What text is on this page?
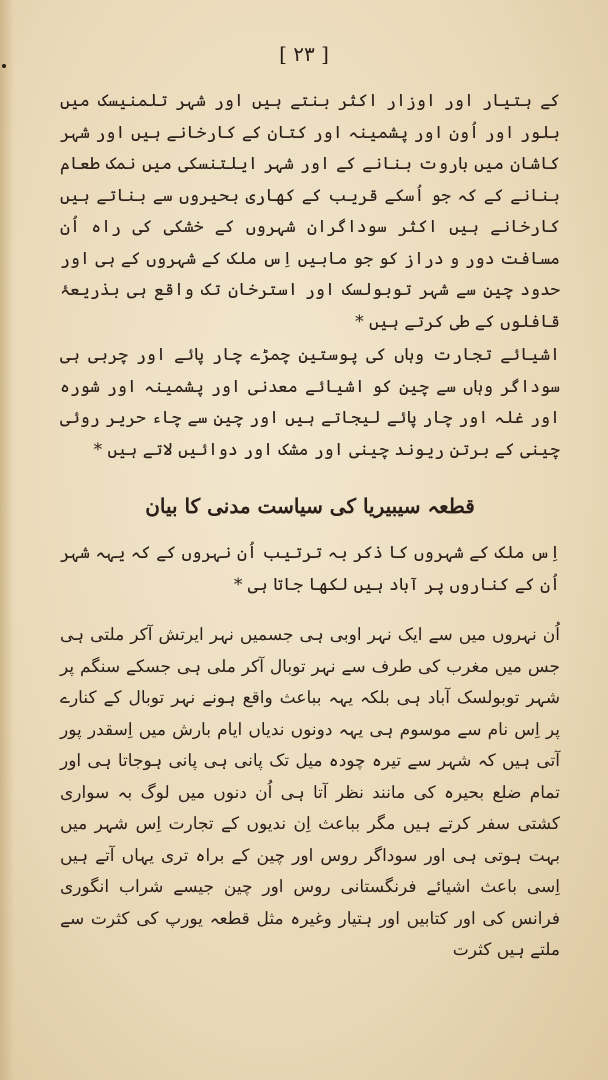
[ ٢٣ ]

کے ہتیار اور اوزار اکثر بنتے ہیں اور شہر تلمنیسک میں بلور اور اُون اور پشمینہ اور کتان کے کارخانے ہیں اور شہر کاشان میں باروت بنانے کے اور شہر ایلتنسکی میں نمک طعام بنانے کے کہ جو اُسکے قریب کے کھاری بحیروں سے بناتے ہیں کارخانے ہیں اکثر سوداگران شہروں کے خشکی کی راہ اُن مسافت دور و دراز کو جو مابیں اِس ملک کے شہروں کے ہی اور حدود چین سے شہر توبولسک اور استرخان تک واقع ہی بذریعۂ قافلوں کے طی کرتے ہیں *

اشیائے تجارت وہاں کی پوستین چمڑے چار پائے اور چربی ہی سوداگر وہاں سے چین کو اشیائے معدنی اور پشمینہ اور شورہ اور غلہ اور چار پائے لیجاتے ہیں اور چین سے چاء حریر روئی چینی کے برتن ریوند چینی اور مشک اور دوائیں لاتے ہیں *

قطعہ سیبیریا کی سیاست مدنی کا بیان

اِس ملک کے شہروں کا ذکر بہ ترتیب اُن نہروں کے کہ یہہ شہر اُن کے کناروں پر آباد ہیں لکھا جاتا ہی *

اُن نہروں میں سے ایک نہر اوبی ہی جسمیں نہر ایرتش آکر ملتی ہی جس میں مغرب کی طرف سے نہر توبال آکر ملی ہی جسکے سنگم پر شہر توبولسک آباد ہی بلکہ یہہ بباعث واقع ہونے نہر توبال کے کنارے پر اِس نام سے موسوم ہی یہہ دونوں ندیاں ایام بارش میں اِسقدر پور آتی ہیں کہ شہر سے تیرہ چودہ میل تک پانی ہی پانی ہوجاتا ہی اور تمام ضلع بحیرہ کی مانند نظر آتا ہی اُن دنوں میں لوگ بہ سواری کشتی سفر کرتے ہیں مگر بباعث اِن ندیوں کے تجارت اِس شہر میں بہت ہوتی ہی اور سوداگر روس اور چین کے براہ تری یہاں آتے ہیں اِسی باعث اشیائے فرنگستانی روس اور چین جیسے شراب انگوری فرانس کی اور کتابیں اور ہتیار وغیرہ مثل قطعہ یورپ کی کثرت سے ملتے ہیں کثرت
